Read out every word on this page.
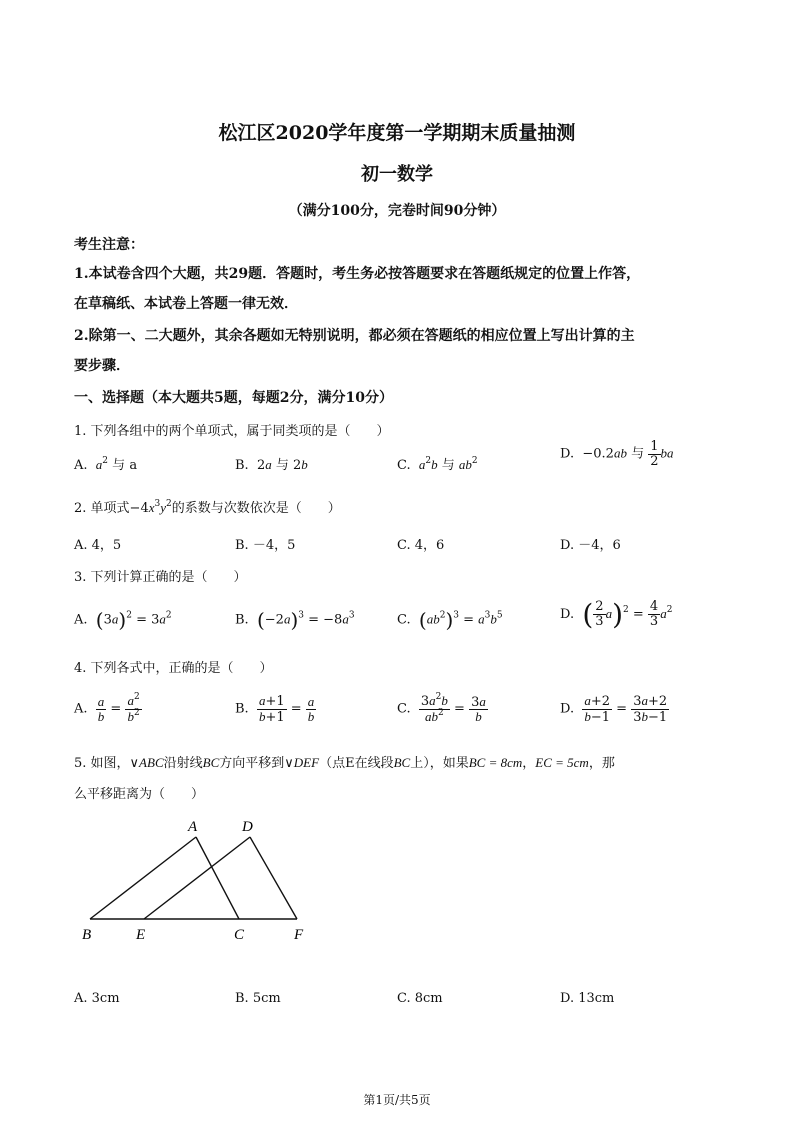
松江区2020学年度第一学期期末质量抽测
初一数学
（满分100分，完卷时间90分钟）
考生注意：
1.本试卷含四个大题，共29题．答题时，考生务必按答题要求在答题纸规定的位置上作答，
在草稿纸、本试卷上答题一律无效．
2.除第一、二大题外，其余各题如无特别说明，都必须在答题纸的相应位置上写出计算的主
要步骤．
一、选择题（本大题共5题，每题2分，满分10分）
1. 下列各组中的两个单项式，属于同类项的是（　　）
A. $a^2$ 与 a	B.  2a 与 2b	C. $a^2b$ 与 $ab^2$	D.  −0.2ab 与 $\frac{1}{2}$ ba
2. 单项式$-4x^3y^2$的系数与次数依次是（　　）
A. 4，5	B. －4，5	C. 4，6	D. －4，6
3. 下列计算正确的是（　　）
A. $(3a)^2 = 3a^2$	B. $(-2a)^3 = -8a^3$	C. $(ab^2)^3 = a^3b^5$	D. ( $\frac{2}{3} a)^2 = \frac{4}{3} a^2$
4. 下列各式中，正确的是（　　）
A. $\frac{a}{b} = \frac{a^2}{b^2}$	B. $\frac{a+1}{b+1} = \frac{a}{b}$	C. $\frac{3a^2b}{ab^2} = \frac{3a}{b}$	D. $\frac{a+2}{b-1} = \frac{3a+2}{3b-1}$
5. 如图，∨ABC沿射线BC方向平移到∨DEF（点E在线段BC上），如果BC = 8cm，EC = 5cm，那
么平移距离为（　　）
A	D
B	E	C	F
A. 3cm	B. 5cm	C. 8cm	D. 13cm
第1页/共5页
